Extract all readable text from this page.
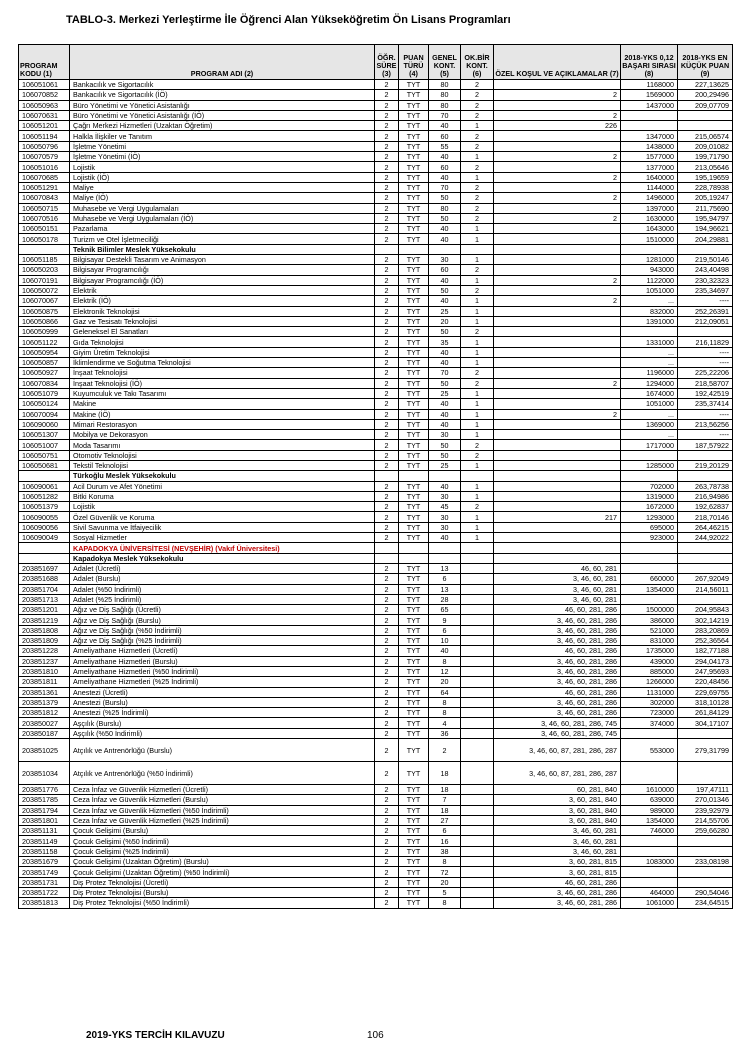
TABLO-3. Merkezi Yerleştirme İle Öğrenci Alan Yükseköğretim Ön Lisans Programları
PROGRAM KODU (1)	PROGRAM ADI (2)	ÖĞR. SÜRE (3)	PUAN TÜRÜ (4)	GENEL KONT. (5)	OK.BİR KONT. (6)	ÖZEL KOŞUL VE AÇIKLAMALAR (7)	2018-YKS 0,12 BAŞARI SIRASI (8)	2018-YKS EN KÜÇÜK PUAN (9)
106051061	Bankacılık ve Sigortacılık	2	TYT	80	2		1168000	227,13625
106070852	Bankacılık ve Sigortacılık (İÖ)	2	TYT	80	2	2	1569000	200,29496
106050963	Büro Yönetimi ve Yönetici Asistanlığı	2	TYT	80	2		1437000	209,07709
106070631	Büro Yönetimi ve Yönetici Asistanlığı (İÖ)	2	TYT	70	2	2		
106051201	Çağrı Merkezi Hizmetleri (Uzaktan Öğretim)	2	TYT	40	1	226		
106051194	Halkla İlişkiler ve Tanıtım	2	TYT	60	2		1347000	215,06574
106050796	İşletme Yönetimi	2	TYT	55	2		1438000	209,01082
106070579	İşletme Yönetimi (İÖ)	2	TYT	40	1	2	1577000	199,71790
106051016	Lojistik	2	TYT	60	2		1377000	213,05646
106070685	Lojistik (İÖ)	2	TYT	40	1	2	1640000	195,19659
106051291	Maliye	2	TYT	70	2		1144000	228,78938
106070843	Maliye (İÖ)	2	TYT	50	2	2	1496000	205,19247
106050715	Muhasebe ve Vergi Uygulamaları	2	TYT	80	2		1397000	211,75690
106070516	Muhasebe ve Vergi Uygulamaları (İÖ)	2	TYT	50	2	2	1630000	195,94797
106050151	Pazarlama	2	TYT	40	1		1643000	194,96621
106050178	Turizm ve Otel İşletmeciliği	2	TYT	40	1		1510000	204,29881
	Teknik Bilimler Meslek Yüksekokulu							
106051185	Bilgisayar Destekli Tasarım ve Animasyon	2	TYT	30	1		1281000	219,50146
106050203	Bilgisayar Programcılığı	2	TYT	60	2		943000	243,40498
106070191	Bilgisayar Programcılığı (İÖ)	2	TYT	40	1	2	1122000	230,32323
106050072	Elektrik	2	TYT	50	2		1051000	235,34697
106070067	Elektrik (İÖ)	2	TYT	40	1	2	...	----
106050875	Elektronik Teknolojisi	2	TYT	25	1		832000	252,26391
106050866	Gaz ve Tesisatı Teknolojisi	2	TYT	20	1		1391000	212,09051
106050999	Geleneksel El Sanatları	2	TYT	50	2			
106051122	Gıda Teknolojisi	2	TYT	35	1		1331000	216,11829
106050954	Giyim Üretim Teknolojisi	2	TYT	40	1		...	----
106050857	İklimlendirme ve Soğutma Teknolojisi	2	TYT	40	1		...	----
106050927	İnşaat Teknolojisi	2	TYT	70	2		1196000	225,22206
106070834	İnşaat Teknolojisi (İÖ)	2	TYT	50	2	2	1294000	218,58707
106051079	Kuyumculuk ve Takı Tasarımı	2	TYT	25	1		1674000	192,42519
106050124	Makine	2	TYT	40	1		1051000	235,37414
106070094	Makine (İÖ)	2	TYT	40	1	2	...	----
106090060	Mimari Restorasyon	2	TYT	40	1		1369000	213,56256
106051307	Mobilya ve Dekorasyon	2	TYT	30	1		...	----
106051007	Moda Tasarımı	2	TYT	50	2		1717000	187,57922
106050751	Otomotiv Teknolojisi	2	TYT	50	2			
106050681	Tekstil Teknolojisi	2	TYT	25	1		1285000	219,20129
	Türkoğlu Meslek Yüksekokulu							
106090061	Acil Durum ve Afet Yönetimi	2	TYT	40	1		702000	263,78738
106051282	Bitki Koruma	2	TYT	30	1		1319000	216,94986
106051379	Lojistik	2	TYT	45	2		1672000	192,62837
106090055	Özel Güvenlik ve Koruma	2	TYT	30	1	217	1293000	218,70146
106090056	Sivil Savunma ve İtfaiyecilik	2	TYT	30	1		695000	264,46215
106090049	Sosyal Hizmetler	2	TYT	40	1		923000	244,92022
	KAPADOKYA ÜNİVERSİTESİ (NEVŞEHİR) (Vakıf Üniversitesi)							
	Kapadokya Meslek Yüksekokulu							
203851697	Adalet (Ücretli)	2	TYT	13		46, 60, 281		
203851688	Adalet (Burslu)	2	TYT	6		3, 46, 60, 281	660000	267,92049
203851704	Adalet (%50 İndirimli)	2	TYT	13		3, 46, 60, 281	1354000	214,56011
203851713	Adalet (%25 İndirimli)	2	TYT	28		3, 46, 60, 281		
203851201	Ağız ve Diş Sağlığı (Ücretli)	2	TYT	65		46, 60, 281, 286	1500000	204,95843
203851219	Ağız ve Diş Sağlığı (Burslu)	2	TYT	9		3, 46, 60, 281, 286	386000	302,14219
203851808	Ağız ve Diş Sağlığı (%50 İndirimli)	2	TYT	6		3, 46, 60, 281, 286	521000	283,20869
203851809	Ağız ve Diş Sağlığı (%25 İndirimli)	2	TYT	10		3, 46, 60, 281, 286	831000	252,36564
203851228	Ameliyathane Hizmetleri (Ücretli)	2	TYT	40		46, 60, 281, 286	1735000	182,77188
203851237	Ameliyathane Hizmetleri (Burslu)	2	TYT	8		3, 46, 60, 281, 286	439000	294,04173
203851810	Ameliyathane Hizmetleri (%50 İndirimli)	2	TYT	12		3, 46, 60, 281, 286	885000	247,95693
203851811	Ameliyathane Hizmetleri (%25 İndirimli)	2	TYT	20		3, 46, 60, 281, 286	1266000	220,48456
203851361	Anestezi (Ücretli)	2	TYT	64		46, 60, 281, 286	1131000	229,69755
203851379	Anestezi (Burslu)	2	TYT	8		3, 46, 60, 281, 286	302000	318,10128
203851812	Anestezi (%25 İndirimli)	2	TYT	8		3, 46, 60, 281, 286	723000	261,84129
203850027	Aşçılık (Burslu)	2	TYT	4		3, 46, 60, 281, 286, 745	374000	304,17107
203850187	Aşçılık (%50 İndirimli)	2	TYT	36		3, 46, 60, 281, 286, 745		
203851025	Atçılık ve Antrenörlüğü (Burslu)	2	TYT	2		3, 46, 60, 87, 281, 286, 287	553000	279,31799
203851034	Atçılık ve Antrenörlüğü (%50 İndirimli)	2	TYT	18		3, 46, 60, 87, 281, 286, 287		
203851776	Ceza İnfaz ve Güvenlik Hizmetleri (Ücretli)	2	TYT	18		60, 281, 840	1610000	197,47111
203851785	Ceza İnfaz ve Güvenlik Hizmetleri (Burslu)	2	TYT	7		3, 60, 281, 840	639000	270,01346
203851794	Ceza İnfaz ve Güvenlik Hizmetleri (%50 İndirimli)	2	TYT	18		3, 60, 281, 840	989000	239,92979
203851801	Ceza İnfaz ve Güvenlik Hizmetleri (%25 İndirimli)	2	TYT	27		3, 60, 281, 840	1354000	214,55706
203851131	Çocuk Gelişimi (Burslu)	2	TYT	6		3, 46, 60, 281	746000	259,66280
203851149	Çocuk Gelişimi (%50 İndirimli)	2	TYT	16		3, 46, 60, 281		
203851158	Çocuk Gelişimi (%25 İndirimli)	2	TYT	38		3, 46, 60, 281		
203851679	Çocuk Gelişimi (Uzaktan Öğretim) (Burslu)	2	TYT	8		3, 60, 281, 815	1083000	233,08198
203851749	Çocuk Gelişimi (Uzaktan Öğretim) (%50 İndirimli)	2	TYT	72		3, 60, 281, 815		
203851731	Diş Protez Teknolojisi (Ücretli)	2	TYT	20		46, 60, 281, 286		
203851722	Diş Protez Teknolojisi (Burslu)	2	TYT	5		3, 46, 60, 281, 286	464000	290,54046
203851813	Diş Protez Teknolojisi (%50 İndirimli)	2	TYT	8		3, 46, 60, 281, 286	1061000	234,64515
2019-YKS TERCİH KILAVUZU	106
